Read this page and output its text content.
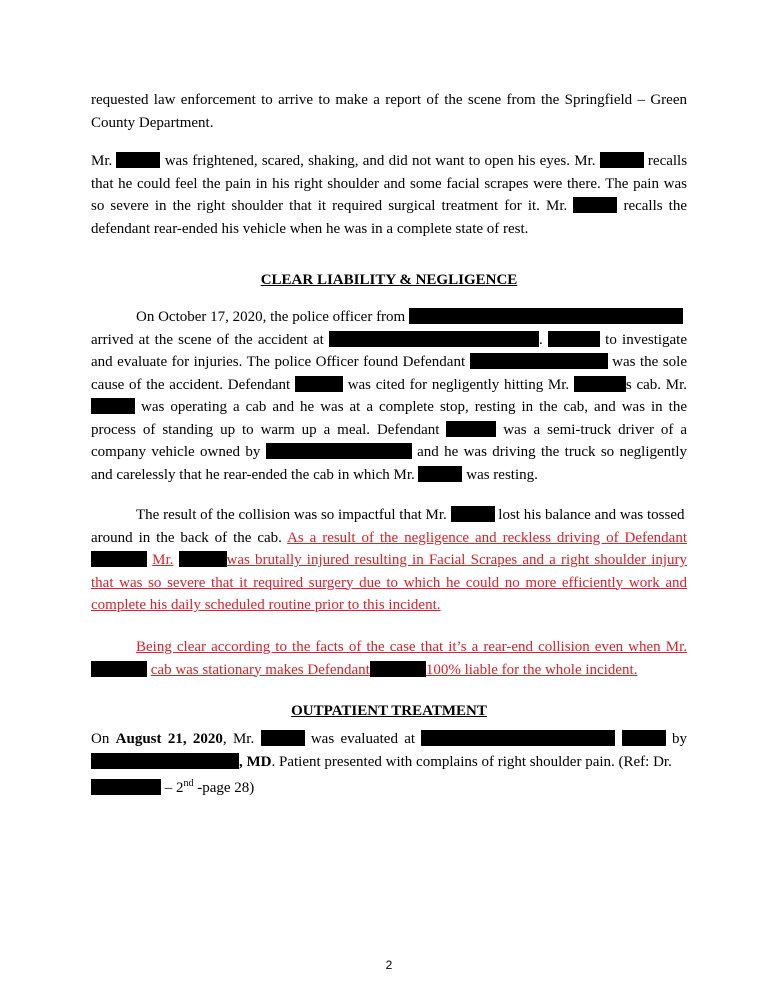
requested law enforcement to arrive to make a report of the scene from the Springfield – Green
County Department.
Mr.	was frightened, scared, shaking, and did not want to open his eyes. Mr.	recalls
that he could feel the pain in his right shoulder and some facial scrapes were there. The pain was
so severe in the right shoulder that it required surgical treatment for it. Mr.	recalls the
defendant rear-ended his vehicle when he was in a complete state of rest.
CLEAR LIABILITY & NEGLIGENCE
On October 17, 2020, the police officer from
arrived at the scene of the accident at	.	to investigate
and evaluate for injuries. The police Officer found Defendant	was the sole
cause of the accident. Defendant	was cited for negligently hitting Mr.	s cab. Mr.
was operating a cab and he was at a complete stop, resting in the cab, and was in the
process of standing up to warm up a meal. Defendant	was a semi-truck driver of a
company vehicle owned by	and he was driving the truck so negligently
and carelessly that he rear-ended the cab in which Mr.	was resting.
The result of the collision was so impactful that Mr.	lost his balance and was tossed
around in the back of the cab. As a result of the negligence and reckless driving of Defendant
Mr.	was brutally injured resulting in Facial Scrapes and a right shoulder injury
that was so severe that it required surgery due to which he could no more efficiently work and
complete his daily scheduled routine prior to this incident.
Being clear according to the facts of the case that it’s a rear-end collision even when Mr.
cab was stationary makes Defendant	100% liable for the whole incident.
OUTPATIENT TREATMENT
On August 21, 2020, Mr.	was evaluated at	by
, MD. Patient presented with complains of right shoulder pain. (Ref: Dr.
– 2nd -page 28)
2
